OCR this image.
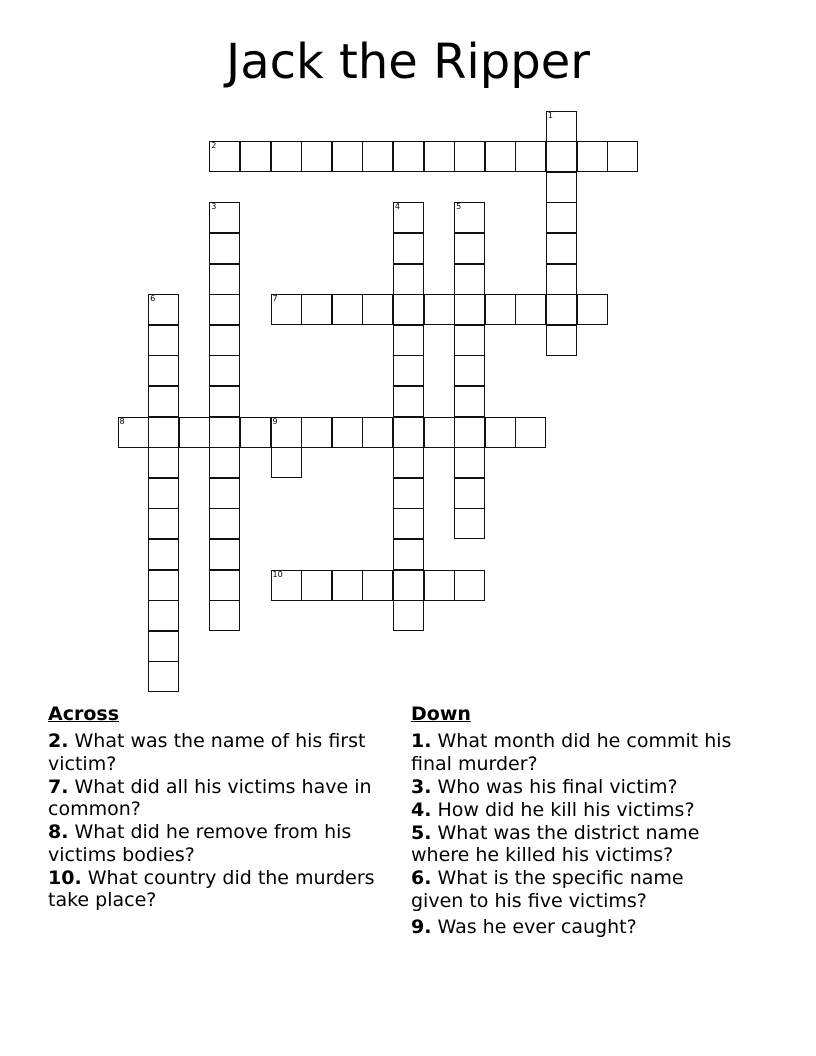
Jack the Ripper
1
2
3	4	5
6	7
8	9
10
Across
2. What was the name of his first victim?
7. What did all his victims have in common?
8. What did he remove from his victims bodies?
10. What country did the murders take place?
Down
1. What month did he commit his final murder?
3. Who was his final victim?
4. How did he kill his victims?
5. What was the district name where he killed his victims?
6. What is the specific name given to his five victims?
9. Was he ever caught?
